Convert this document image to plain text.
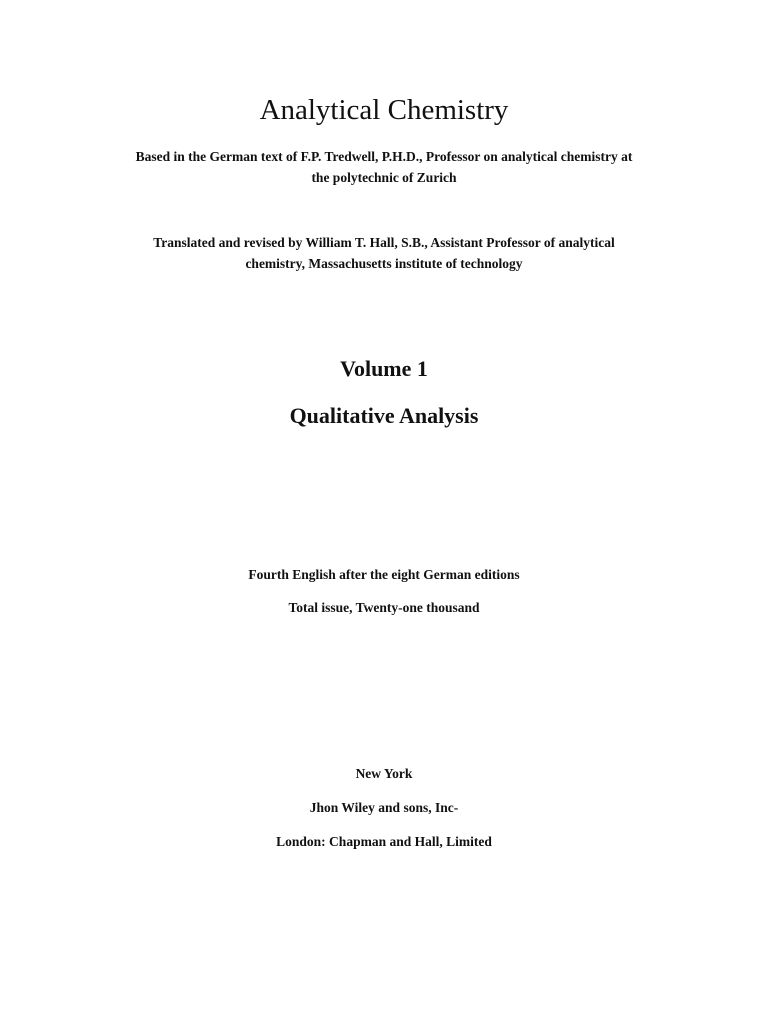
Analytical Chemistry
Based in the German text of F.P. Tredwell, P.H.D., Professor on analytical chemistry at
the polytechnic of Zurich
Translated and revised by William T. Hall, S.B., Assistant Professor of analytical
chemistry, Massachusetts institute of technology
Volume 1
Qualitative Analysis
Fourth English after the eight German editions
Total issue, Twenty-one thousand
New York
Jhon Wiley and sons, Inc-
London: Chapman and Hall, Limited
